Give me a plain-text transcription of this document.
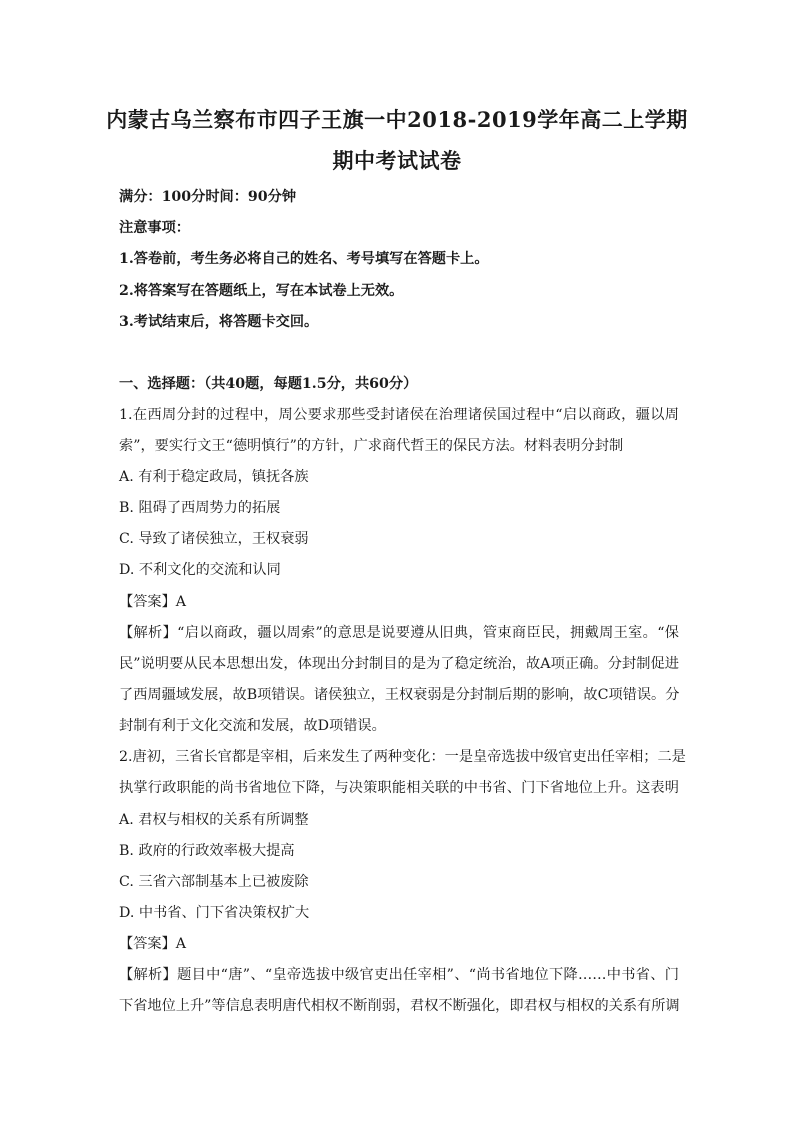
内蒙古乌兰察布市四子王旗一中2018-2019学年高二上学期
期中考试试卷
满分：100分时间：90分钟
注意事项：
1.答卷前，考生务必将自己的姓名、考号填写在答题卡上。
2.将答案写在答题纸上，写在本试卷上无效。
3.考试结束后，将答题卡交回。
一、选择题：（共40题，每题1.5分，共60分）
1.在西周分封的过程中，周公要求那些受封诸侯在治理诸侯国过程中“启以商政，疆以周
索”，要实行文王“德明慎行”的方针，广求商代哲王的保民方法。材料表明分封制
A. 有利于稳定政局，镇抚各族
B. 阻碍了西周势力的拓展
C. 导致了诸侯独立，王权衰弱
D. 不利文化的交流和认同
【答案】A
【解析】“启以商政，疆以周索”的意思是说要遵从旧典，管束商臣民，拥戴周王室。“保
民”说明要从民本思想出发，体现出分封制目的是为了稳定统治，故A项正确。分封制促进
了西周疆域发展，故B项错误。诸侯独立，王权衰弱是分封制后期的影响，故C项错误。分
封制有利于文化交流和发展，故D项错误。
2.唐初，三省长官都是宰相，后来发生了两种变化：一是皇帝选拔中级官吏出任宰相；二是
执掌行政职能的尚书省地位下降，与决策职能相关联的中书省、门下省地位上升。这表明
A. 君权与相权的关系有所调整
B. 政府的行政效率极大提高
C. 三省六部制基本上已被废除
D. 中书省、门下省决策权扩大
【答案】A
【解析】题目中“唐”、“皇帝选拔中级官吏出任宰相”、“尚书省地位下降……中书省、门
下省地位上升”等信息表明唐代相权不断削弱，君权不断强化，即君权与相权的关系有所调
